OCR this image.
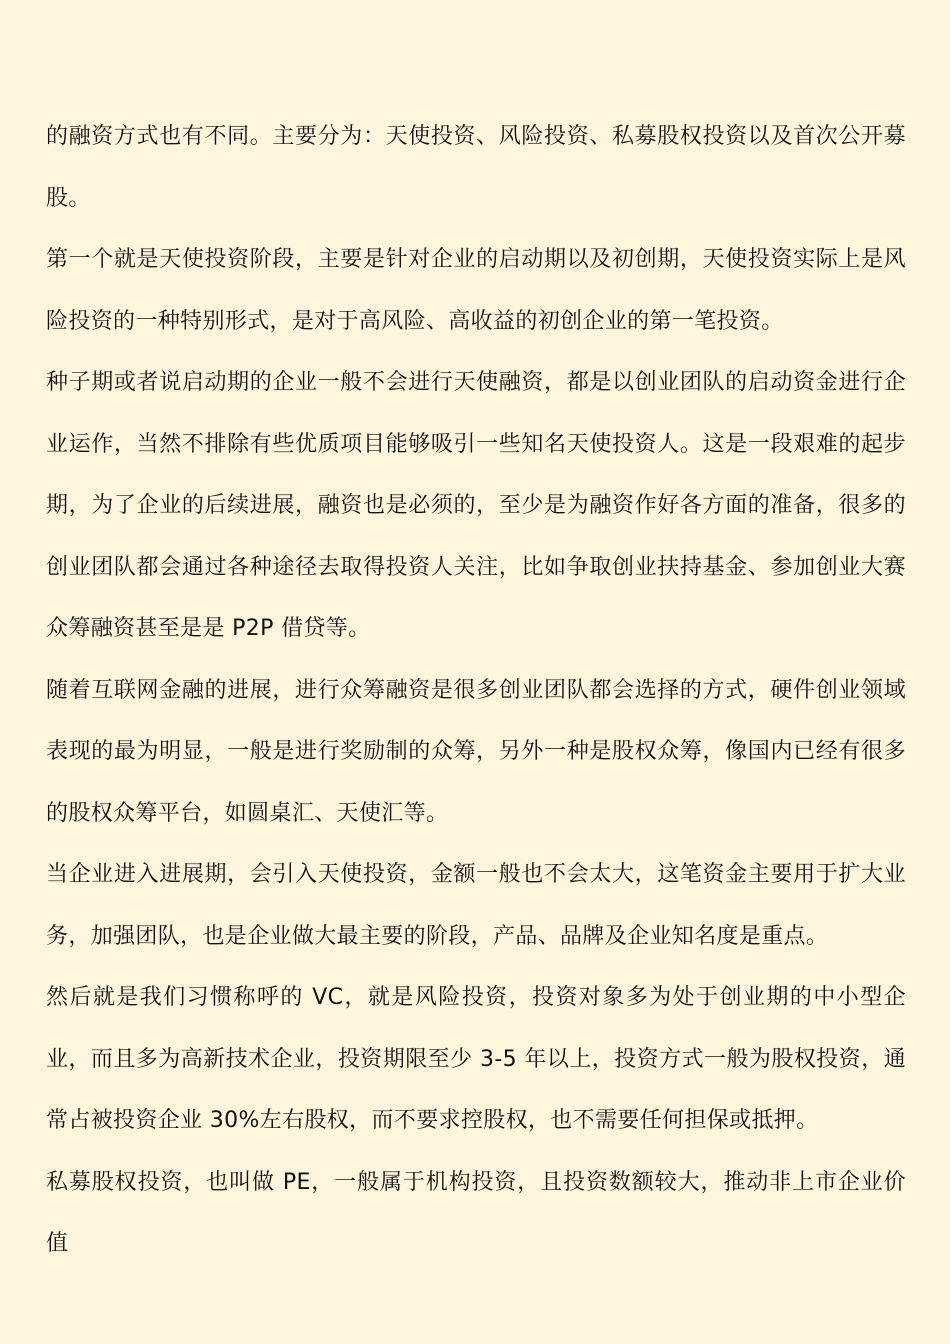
的融资方式也有不同。主要分为：天使投资、风险投资、私募股权投资以及首次公开募股。

第一个就是天使投资阶段，主要是针对企业的启动期以及初创期，天使投资实际上是风险投资的一种特别形式，是对于高风险、高收益的初创企业的第一笔投资。

种子期或者说启动期的企业一般不会进行天使融资，都是以创业团队的启动资金进行企业运作，当然不排除有些优质项目能够吸引一些知名天使投资人。这是一段艰难的起步期，为了企业的后续进展，融资也是必须的，至少是为融资作好各方面的准备，很多的创业团队都会通过各种途径去取得投资人关注，比如争取创业扶持基金、参加创业大赛众筹融资甚至是是 P2P 借贷等。

随着互联网金融的进展，进行众筹融资是很多创业团队都会选择的方式，硬件创业领域表现的最为明显，一般是进行奖励制的众筹，另外一种是股权众筹，像国内已经有很多的股权众筹平台，如圆桌汇、天使汇等。

当企业进入进展期，会引入天使投资，金额一般也不会太大，这笔资金主要用于扩大业务，加强团队，也是企业做大最主要的阶段，产品、品牌及企业知名度是重点。

然后就是我们习惯称呼的 VC，就是风险投资，投资对象多为处于创业期的中小型企业，而且多为高新技术企业，投资期限至少 3-5 年以上，投资方式一般为股权投资，通常占被投资企业 30%左右股权，而不要求控股权，也不需要任何担保或抵押。

私募股权投资，也叫做 PE，一般属于机构投资，且投资数额较大，推动非上市企业价值
